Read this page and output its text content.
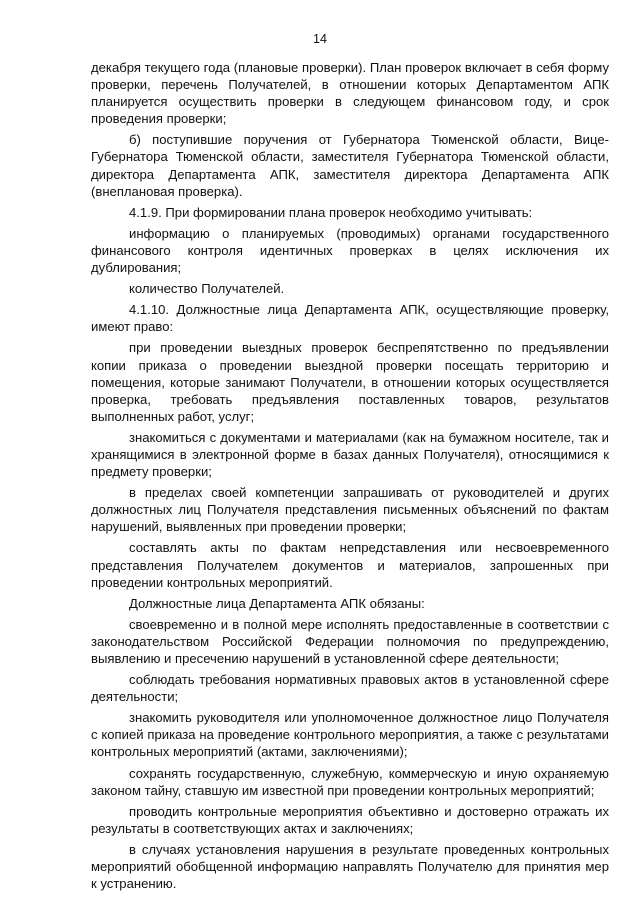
14

декабря текущего года (плановые проверки). План проверок включает в себя форму проверки, перечень Получателей, в отношении которых Департаментом АПК планируется осуществить проверки в следующем финансовом году, и срок проведения проверки;

б) поступившие поручения от Губернатора Тюменской области, Вице-Губернатора Тюменской области, заместителя Губернатора Тюменской области, директора Департамента АПК, заместителя директора Департамента АПК (внеплановая проверка).

4.1.9. При формировании плана проверок необходимо учитывать:

информацию о планируемых (проводимых) органами государственного финансового контроля идентичных проверках в целях исключения их дублирования;

количество Получателей.

4.1.10. Должностные лица Департамента АПК, осуществляющие проверку, имеют право:

при проведении выездных проверок беспрепятственно по предъявлении копии приказа о проведении выездной проверки посещать территорию и помещения, которые занимают Получатели, в отношении которых осуществляется проверка, требовать предъявления поставленных товаров, результатов выполненных работ, услуг;

знакомиться с документами и материалами (как на бумажном носителе, так и хранящимися в электронной форме в базах данных Получателя), относящимися к предмету проверки;

в пределах своей компетенции запрашивать от руководителей и других должностных лиц Получателя представления письменных объяснений по фактам нарушений, выявленных при проведении проверки;

составлять акты по фактам непредставления или несвоевременного представления Получателем документов и материалов, запрошенных при проведении контрольных мероприятий.

Должностные лица Департамента АПК обязаны:

своевременно и в полной мере исполнять предоставленные в соответствии с законодательством Российской Федерации полномочия по предупреждению, выявлению и пресечению нарушений в установленной сфере деятельности;

соблюдать требования нормативных правовых актов в установленной сфере деятельности;

знакомить руководителя или уполномоченное должностное лицо Получателя с копией приказа на проведение контрольного мероприятия, а также с результатами контрольных мероприятий (актами, заключениями);

сохранять государственную, служебную, коммерческую и иную охраняемую законом тайну, ставшую им известной при проведении контрольных мероприятий;

проводить контрольные мероприятия объективно и достоверно отражать их результаты в соответствующих актах и заключениях;

в случаях установления нарушения в результате проведенных контрольных мероприятий обобщенной информацию направлять Получателю для принятия мер к устранению.
